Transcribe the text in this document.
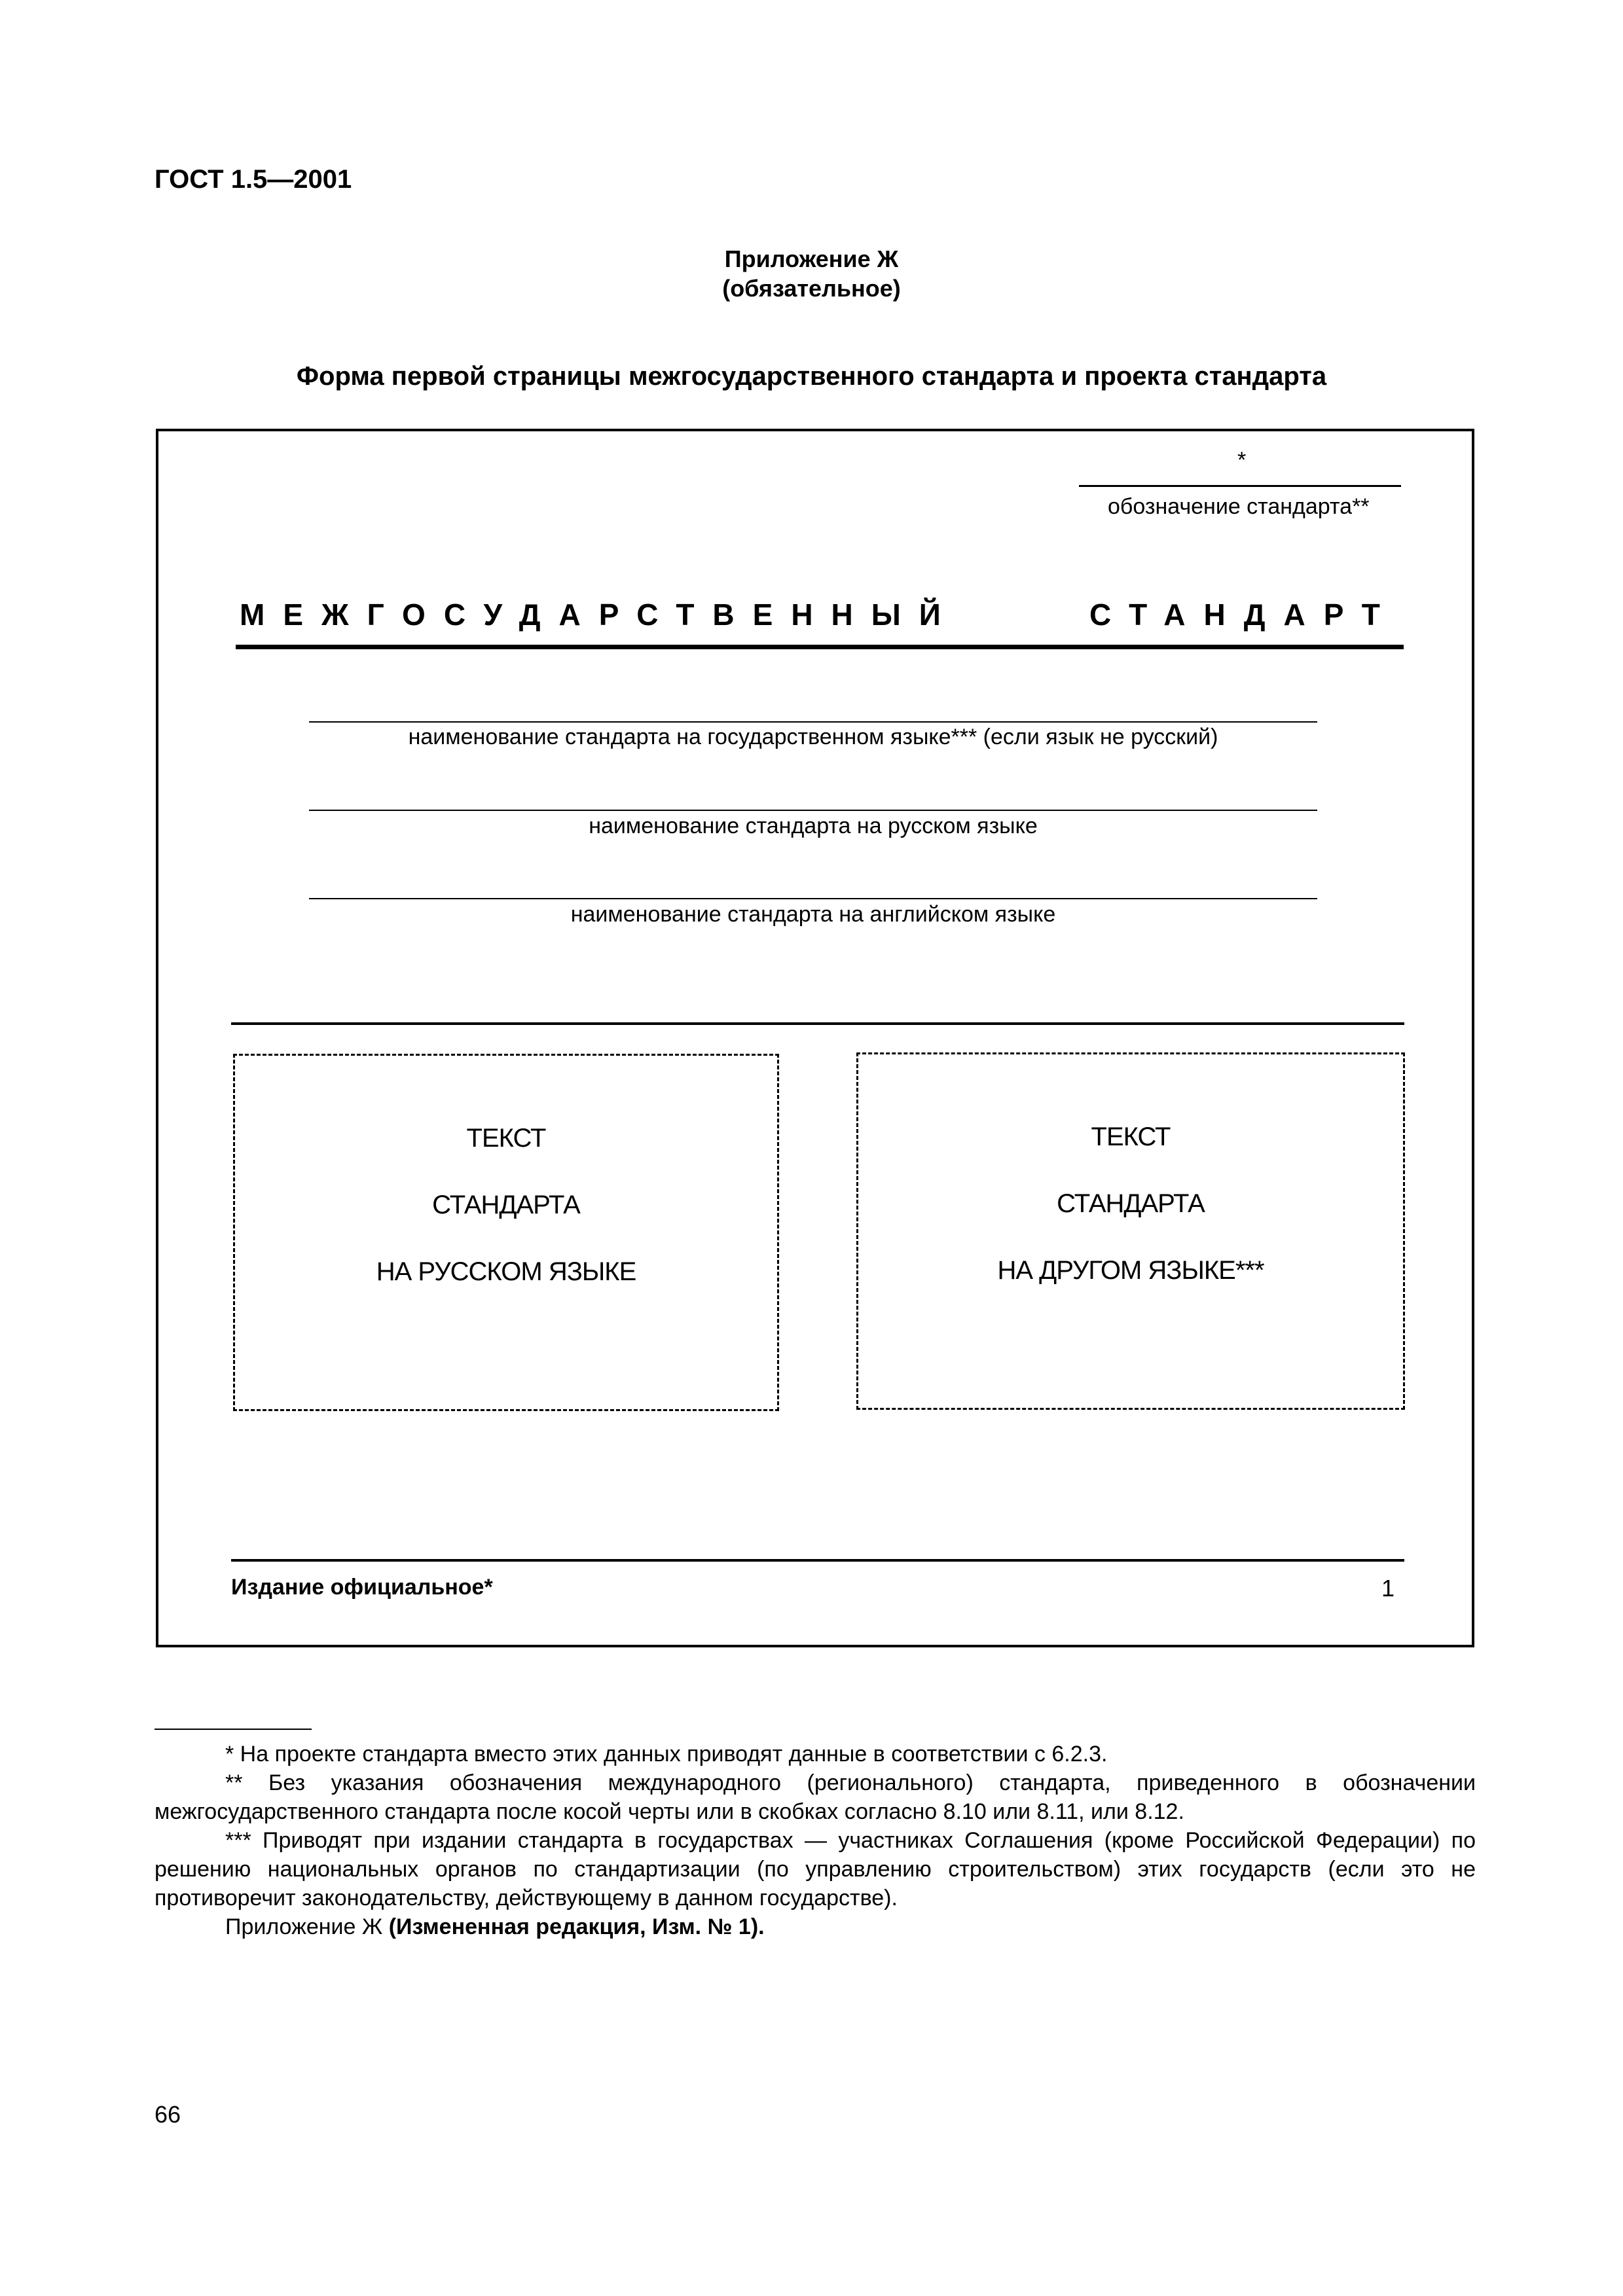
ГОСТ 1.5—2001
Приложение Ж
(обязательное)
Форма первой страницы межгосударственного стандарта и проекта стандарта
*
обозначение стандарта**
МЕЖГОСУДАРСТВЕННЫЙ	СТАНДАРТ
наименование стандарта на государственном языке*** (если язык не русский)
наименование стандарта на русском языке
наименование стандарта на английском языке
ТЕКСТ
СТАНДАРТА
НА РУССКОМ ЯЗЫКЕ
ТЕКСТ
СТАНДАРТА
НА ДРУГОМ ЯЗЫКЕ***
Издание официальное*	1

* На проекте стандарта вместо этих данных приводят данные в соответствии с 6.2.3.

** Без указания обозначения международного (регионального) стандарта, приведенного в обозначении межгосударственного стандарта после косой черты или в скобках согласно 8.10 или 8.11, или 8.12.

*** Приводят при издании стандарта в государствах — участниках Соглашения (кроме Российской Федерации) по решению национальных органов по стандартизации (по управлению строительством) этих государств (если это не противоречит законодательству, действующему в данном государстве).

Приложение Ж (Измененная редакция, Изм. № 1).

66
